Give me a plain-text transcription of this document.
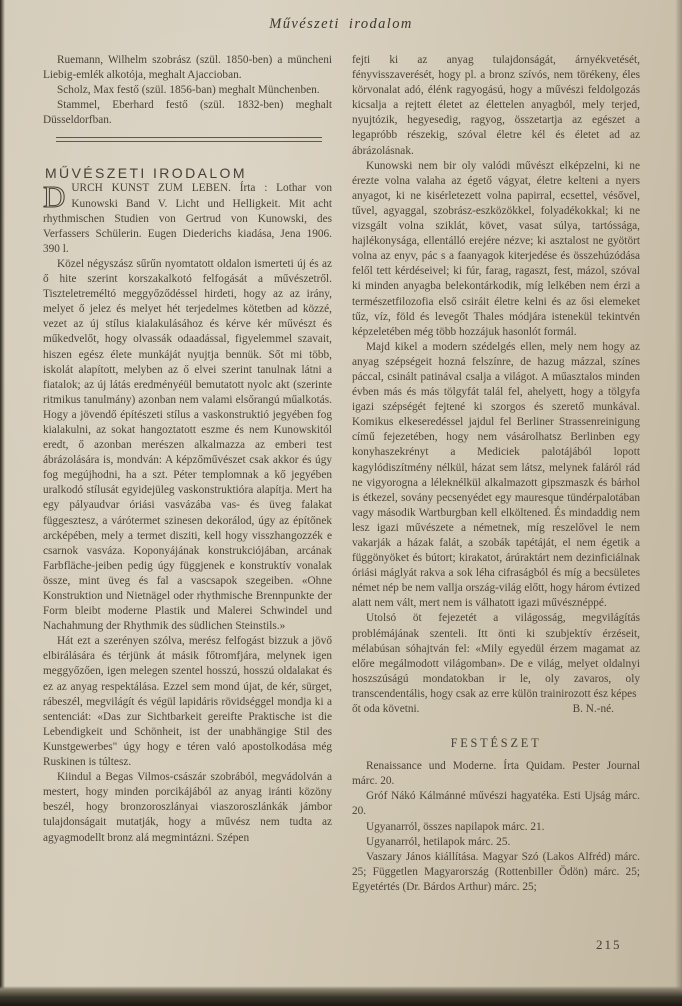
Művészeti irodalom

Ruemann, Wilhelm szobrász (szül. 1850-ben) a müncheni Liebig-emlék alkotója, meghalt Ajaccioban.

Scholz, Max festő (szül. 1856-ban) meghalt Münchenben.

Stammel, Eberhard festő (szül. 1832-ben) meghalt Düsseldorfban.

MŰVÉSZETI IRODALOM

DURCH KUNST ZUM LEBEN. Írta : Lothar von Kunowski Band V. Licht und Helligkeit. Mit acht rhythmischen Studien von Gertrud von Kunowski, des Verfassers Schülerin. Eugen Diederichs kiadása, Jena 1906. 390 l.

Közel négyszász sűrűn nyomtatott oldalon ismerteti új és az ő hite szerint korszakalkotó felfogását a művészetről. Tiszteletreméltó meggyőződéssel hirdeti, hogy az az irány, melyet ő jelez és melyet hét terjedelmes kötetben ad közzé, vezet az új stílus kialakulásához és kérve kér művészt és műkedvelőt, hogy olvassák odaadással, figyelemmel szavait, hiszen egész élete munkáját nyujtja bennük. Sőt mi több, iskolát alapított, melyben az ő elvei szerint tanulnak látni a fiatalok; az új látás eredményéül bemutatott nyolc akt (szerinte ritmikus tanulmány) azonban nem valami elsőrangú műalkotás. Hogy a jövendő építészeti stílus a vaskonstruktió jegyében fog kialakulni, az sokat hangoztatott eszme és nem Kunowskitól eredt, ő azonban merészen alkalmazza az emberi test ábrázolására is, mondván: A képzőművészet csak akkor és úgy fog megújhodni, ha a szt. Péter templomnak a kő jegyében uralkodó stílusát egyidejüleg vaskonstruktióra alapítja. Mert ha egy pályaudvar óriási vasvázába vas- és üveg falakat függesztesz, a várótermet szinesen dekorálod, úgy az építőnek arcképében, mely a termet disziti, kell hogy visszhangozzék e csarnok vasváza. Koponyájának konstrukciójában, arcának Farbfläche-jeiben pedig úgy függjenek e konstruktív vonalak össze, mint üveg és fal a vascsapok szegeiben. «Ohne Konstruktion und Nietnägel oder rhythmische Brennpunkte der Form bleibt moderne Plastik und Malerei Schwindel und Nachahmung der Rhythmik des südlichen Steinstils.»

Hát ezt a szerényen szólva, merész felfogást bizzuk a jövő elbirálására és térjünk át másik főtromfjára, melynek igen meggyőzően, igen melegen szentel hosszú, hosszú oldalakat és ez az anyag respektálása. Ezzel sem mond újat, de kér, sürget, rábeszél, megvilágít és végül lapidáris rövidséggel mondja ki a sentenciát: «Das zur Sichtbarkeit gereifte Praktische ist die Lebendigkeit und Schönheit, ist der unabhängige Stil des Kunstgewerbes" úgy hogy e téren való apostolkodása még Ruskinen is túltesz.

Kiindul a Begas Vilmos-császár szobrából, megvádolván a mestert, hogy minden porcikájából az anyag iránti közöny beszél, hogy bronzoroszlányai viaszoroszlánkák jámbor tulajdonságait mutatják, hogy a művész nem tudta az agyagmodellt bronz alá megmintázni. Szépen

fejti ki az anyag tulajdonságát, árnyékvetését, fényvisszaverését, hogy pl. a bronz szívós, nem törékeny, éles körvonalat adó, élénk ragyogású, hogy a művészi feldolgozás kicsalja a rejtett életet az élettelen anyagból, mely terjed, nyujtózik, hegyesedig, ragyog, összetartja az egészet a legapróbb részekig, szóval életre kél és életet ad az ábrázolásnak.

Kunowski nem bir oly valódi művészt elképzelni, ki ne érezte volna valaha az égető vágyat, életre kelteni a nyers anyagot, ki ne kisérletezett volna papirral, ecsettel, vésővel, tűvel, agyaggal, szobrász-eszközökkel, folyadékokkal; ki ne vizsgált volna sziklát, követ, vasat súlya, tartóssága, hajlékonysága, ellentálló erejére nézve; ki asztalost ne gyötört volna az enyv, pác s a faanyagok kiterjedése és összehúzódása felől tett kérdéseivel; ki fúr, farag, ragaszt, fest, mázol, szóval ki minden anyagba belekontárkodik, míg lelkében nem érzi a természetfilozofia első csiráit életre kelni és az ősi elemeket tűz, víz, föld és levegőt Thales módjára istenekül tekintvén képzeletében még több hozzájuk hasonlót formál.

Majd kikel a modern szédelgés ellen, mely nem hogy az anyag szépségeit hozná felszínre, de hazug mázzal, színes páccal, csinált patinával csalja a világot. A műasztalos minden évben más és más tölgyfát talál fel, ahelyett, hogy a tölgyfa igazi szépségét fejtené ki szorgos és szerető munkával. Komikus elkeseredéssel jajdul fel Berliner Strassenreinigung című fejezetében, hogy nem vásárolhatsz Berlinben egy konyhaszekrényt a Mediciek palotájából lopott kagylódiszítmény nélkül, házat sem látsz, melynek faláról rád ne vigyorogna a léleknélkül alkalmazott gipszmaszk és bárhol is étkezel, sovány pecsenyédet egy mauresque tündérpalotában vagy második Wartburgban kell elköltened. És mindaddig nem lesz igazi művészete a németnek, míg reszelővel le nem vakarják a házak falát, a szobák tapétáját, el nem égetik a függönyöket és bútort; kirakatot, árúraktárt nem dezinficiálnak óriási máglyát rakva a sok léha cifraságból és míg a becsületes német nép be nem vallja ország-világ előtt, hogy három évtized alatt nem vált, mert nem is válhatott igazi művésznéppé.

Utolsó öt fejezetét a világosság, megvilágítás problémájának szenteli. Itt önti ki szubjektív érzéseit, mélabúsan sóhajtván fel: «Mily egyedül érzem magamat az előre megálmodott világomban». De e világ, melyet oldalnyi hoszszúságú mondatokban ir le, oly zavaros, oly transcendentális, hogy csak az erre külön trainirozott ész képes

őt oda követni.	B. N.-né.
FESTÉSZET

Renaissance und Moderne. Írta Quidam. Pester Journal márc. 20.

Gróf Nákó Kálmánné művészi hagyatéka. Esti Ujság márc. 20.

Ugyanarról, összes napilapok márc. 21.

Ugyanarról, hetilapok márc. 25.

Vaszary János kiállítása. Magyar Szó (Lakos Alfréd) márc. 25; Független Magyarország (Rottenbiller Ödön) márc. 25; Egyetértés (Dr. Bárdos Arthur) márc. 25;

215
